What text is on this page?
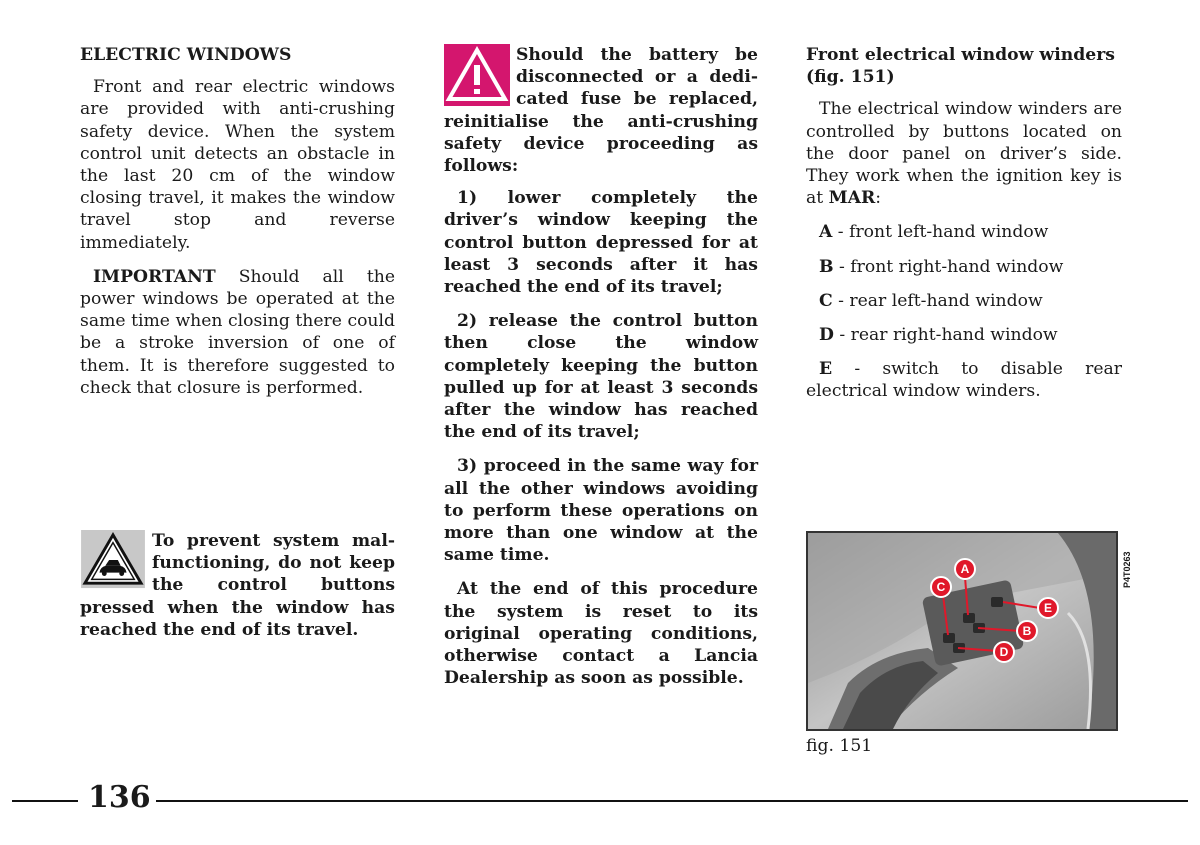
ELECTRIC WINDOWS

Front and rear electric windows are provided with anti-crushing safety device. When the system control unit detects an obstacle in the last 20 cm of the window closing travel, it makes the window travel stop and reverse immediately.

IMPORTANT Should all the power windows be operated at the same time when closing there could be a stroke inversion of one of them. It is therefore suggested to check that closure is performed.

To prevent system malfunctioning, do not keep the control buttons pressed when the window has reached the end of its travel.
Should the battery be disconnected or a dedicated fuse be replaced, reinitialise the anti-crushing safety device proceeding as follows:

1) lower completely the driver’s window keeping the control button depressed for at least 3 seconds after it has reached the end of its travel;

2) release the control button then close the window completely keeping the button pulled up for at least 3 seconds after the window has reached the end of its travel;

3) proceed in the same way for all the other windows avoiding to perform these operations on more than one window at the same time.

At the end of this procedure the system is reset to its original operating conditions, otherwise contact a Lancia Dealership as soon as possible.

Front electrical window winders (fig. 151)

The electrical window winders are controlled by buttons located on the door panel on driver’s side. They work when the ignition key is at MAR:

A - front left-hand window

B - front right-hand window

C - rear left-hand window

D - rear right-hand window

E - switch to disable rear electrical window winders.

A
C
E
B
D
P4T0263
fig. 151
136
